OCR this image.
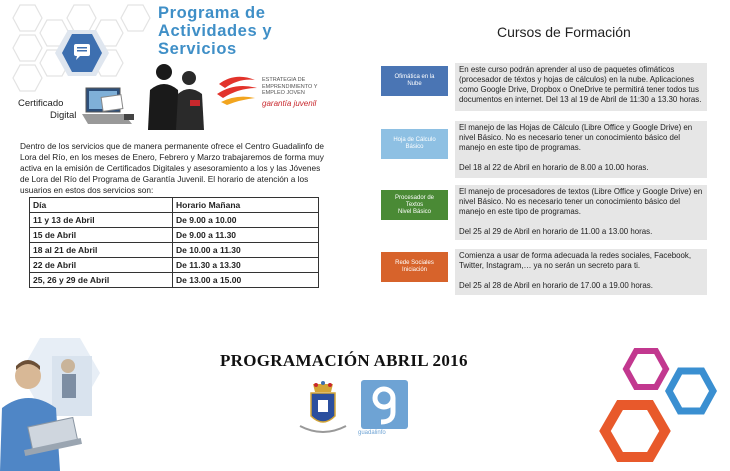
Programa de
Actividades y
Servicios
Certificado
Digital
ESTRATEGIA DE
EMPRENDIMIENTO Y
EMPLEO JOVEN
garantía juvenil
Dentro de los servicios que de manera permanente ofrece el Centro Guadalinfo de Lora del Río, en los meses de Enero, Febrero y Marzo trabajaremos de forma muy activa en la emisión de Certificados Digitales y asesoramiento a los y las Jóvenes de Lora del Río del Programa de Garantía Juvenil. El horario de atención a los usuarios en estos dos servicios son:
Día	Horario Mañana
11 y 13 de Abril	De 9.00 a 10.00
15 de Abril	De 9.00 a 11.30
18 al 21 de Abril	De 10.00 a 11.30
22 de Abril	De 11.30 a 13.30
25, 26 y 29 de Abril	De 13.00 a 15.00
Cursos de Formación
Ofimática en la
Nube

En este curso podrán aprender al uso de paquetes ofimáticos (procesador de téxtos y hojas de cálculos) en la nube. Aplicaciones como Google Drive, Dropbox o OneDrive te permitirá tener todos tus documentos en internet. Del 13 al 19 de Abril de 11:30 a 13.30 horas.

Hoja de Cálculo
Básico

El manejo de las Hojas de Cálculo (Libre Office y Google Drive) en nivel Básico. No es necesario tener un conocimiento básico del manejo en este tipo de programas.

Del 18 al 22 de Abril en horario de 8.00 a 10.00 horas.

Procesador de
Textos
Nivel Básico

El manejo de procesadores de textos (Libre Office y Google Drive) en nivel Básico. No es necesario tener un conocimiento básico del manejo en este tipo de programas.

Del 25 al 29 de Abril en horario de 11.00 a 13.00 horas.

Rede Sociales
Iniciación

Comienza a usar de forma adecuada la redes sociales, Facebook, Twitter, Instagram,… ya no serán un secreto para ti.

Del 25 al 28 de Abril en horario de 17.00 a 19.00 horas.

PROGRAMACIÓN ABRIL 2016
guadalinfo
